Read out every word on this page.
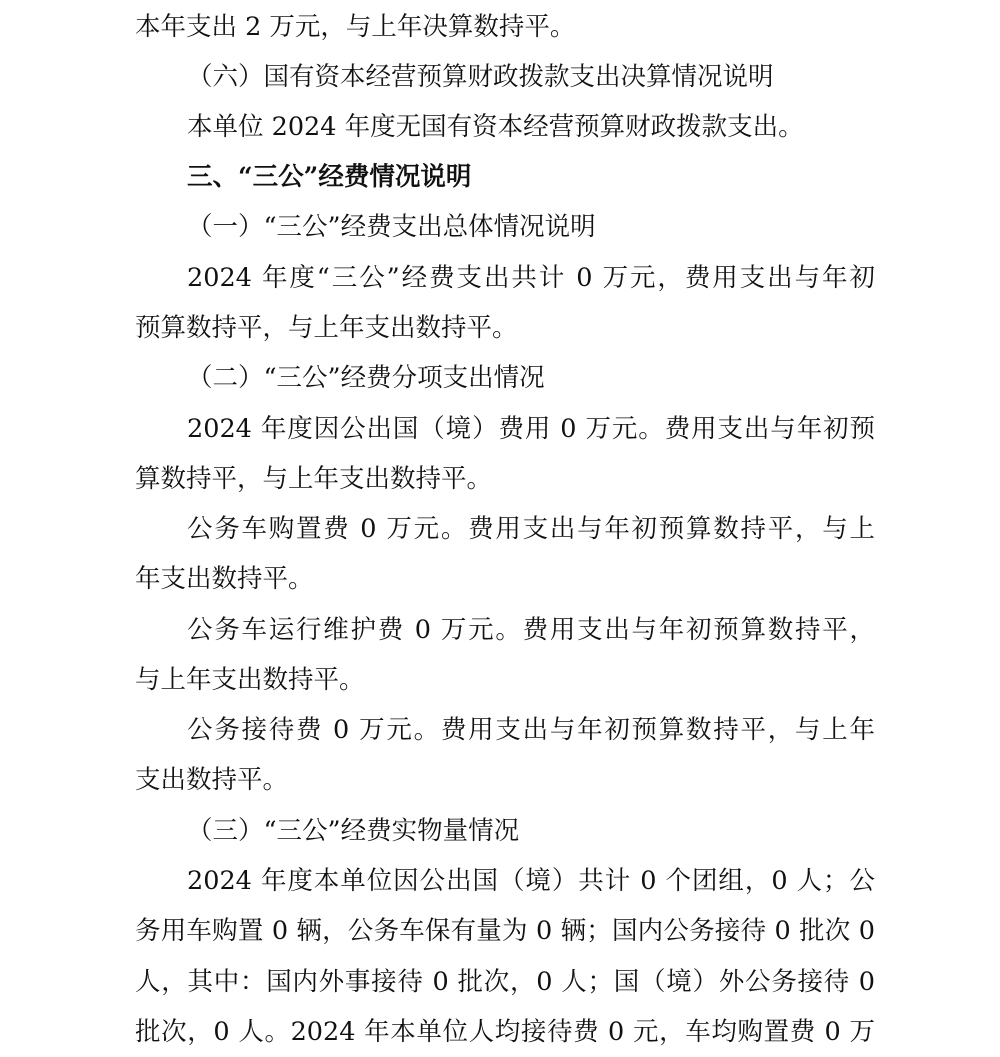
本年支出 2 万元，与上年决算数持平。
（六）国有资本经营预算财政拨款支出决算情况说明
本单位 2024 年度无国有资本经营预算财政拨款支出。
三、“三公”经费情况说明
（一）“三公”经费支出总体情况说明
2024 年度“三公”经费支出共计 0 万元，费用支出与年初
预算数持平，与上年支出数持平。
（二）“三公”经费分项支出情况
2024 年度因公出国（境）费用 0 万元。费用支出与年初预
算数持平，与上年支出数持平。
公务车购置费 0 万元。费用支出与年初预算数持平，与上
年支出数持平。
公务车运行维护费 0 万元。费用支出与年初预算数持平，
与上年支出数持平。
公务接待费 0 万元。费用支出与年初预算数持平，与上年
支出数持平。
（三）“三公”经费实物量情况
2024 年度本单位因公出国（境）共计 0 个团组，0 人；公
务用车购置 0 辆，公务车保有量为 0 辆；国内公务接待 0 批次 0
人，其中：国内外事接待 0 批次，0 人；国（境）外公务接待 0
批次，0 人。2024 年本单位人均接待费 0 元，车均购置费 0 万
